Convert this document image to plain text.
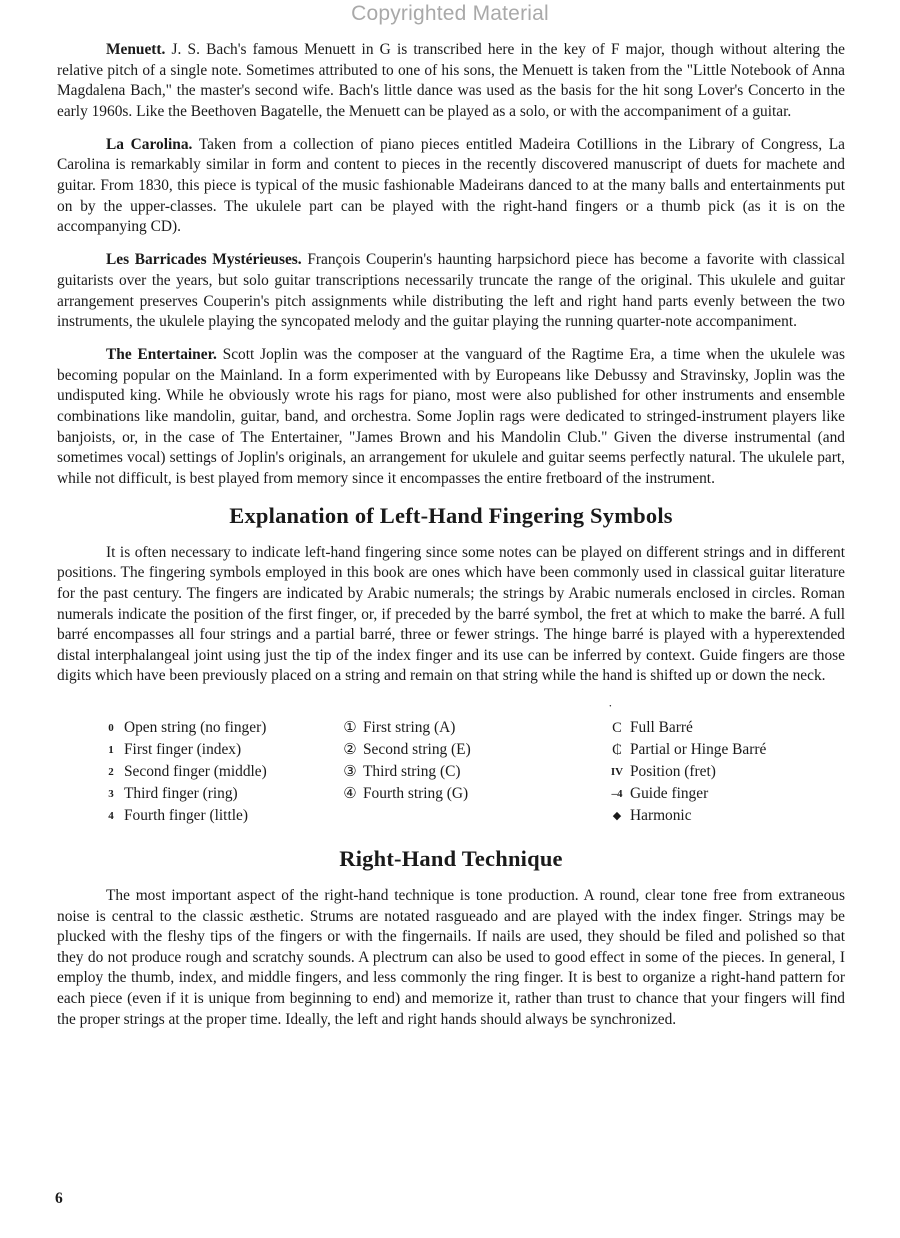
Copyrighted Material

Menuett. J. S. Bach's famous Menuett in G is transcribed here in the key of F major, though without altering the relative pitch of a single note. Sometimes attributed to one of his sons, the Menuett is taken from the "Little Notebook of Anna Magdalena Bach," the master's second wife. Bach's little dance was used as the basis for the hit song Lover's Concerto in the early 1960s. Like the Beethoven Bagatelle, the Menuett can be played as a solo, or with the accompaniment of a guitar.

La Carolina. Taken from a collection of piano pieces entitled Madeira Cotillions in the Library of Congress, La Carolina is remarkably similar in form and content to pieces in the recently discovered manuscript of duets for machete and guitar. From 1830, this piece is typical of the music fashionable Madeirans danced to at the many balls and entertainments put on by the upper-classes. The ukulele part can be played with the right-hand fingers or a thumb pick (as it is on the accompanying CD).

Les Barricades Mystérieuses. François Couperin's haunting harpsichord piece has become a favorite with classical guitarists over the years, but solo guitar transcriptions necessarily truncate the range of the original. This ukulele and guitar arrangement preserves Couperin's pitch assignments while distributing the left and right hand parts evenly between the two instruments, the ukulele playing the syncopated melody and the guitar playing the running quarter-note accompaniment.

The Entertainer. Scott Joplin was the composer at the vanguard of the Ragtime Era, a time when the ukulele was becoming popular on the Mainland. In a form experimented with by Europeans like Debussy and Stravinsky, Joplin was the undisputed king. While he obviously wrote his rags for piano, most were also published for other instruments and ensemble combinations like mandolin, guitar, band, and orchestra. Some Joplin rags were dedicated to stringed-instrument players like banjoists, or, in the case of The Entertainer, "James Brown and his Mandolin Club." Given the diverse instrumental (and sometimes vocal) settings of Joplin's originals, an arrangement for ukulele and guitar seems perfectly natural. The ukulele part, while not difficult, is best played from memory since it encompasses the entire fretboard of the instrument.

Explanation of Left-Hand Fingering Symbols

It is often necessary to indicate left-hand fingering since some notes can be played on different strings and in different positions. The fingering symbols employed in this book are ones which have been commonly used in classical guitar literature for the past century. The fingers are indicated by Arabic numerals; the strings by Arabic numerals enclosed in circles. Roman numerals indicate the position of the first finger, or, if preceded by the barré symbol, the fret at which to make the barré. A full barré encompasses all four strings and a partial barré, three or fewer strings. The hinge barré is played with a hyperextended distal interphalangeal joint using just the tip of the index finger and its use can be inferred by context. Guide fingers are those digits which have been previously placed on a string and remain on that string while the hand is shifted up or down the neck.

˙
0 Open string (no finger)
1 First finger (index)
2 Second finger (middle)
3 Third finger (ring)
4 Fourth finger (little)
① First string (A)
② Second string (E)
③ Third string (C)
④ Fourth string (G)
C Full Barré
₵ Partial or Hinge Barré
IV Position (fret)
–4 Guide finger
◆ Harmonic
Right-Hand Technique

The most important aspect of the right-hand technique is tone production. A round, clear tone free from extraneous noise is central to the classic æsthetic. Strums are notated rasgueado and are played with the index finger. Strings may be plucked with the fleshy tips of the fingers or with the fingernails. If nails are used, they should be filed and polished so that they do not produce rough and scratchy sounds. A plectrum can also be used to good effect in some of the pieces. In general, I employ the thumb, index, and middle fingers, and less commonly the ring finger. It is best to organize a right-hand pattern for each piece (even if it is unique from beginning to end) and memorize it, rather than trust to chance that your fingers will find the proper strings at the proper time. Ideally, the left and right hands should always be synchronized.

6
